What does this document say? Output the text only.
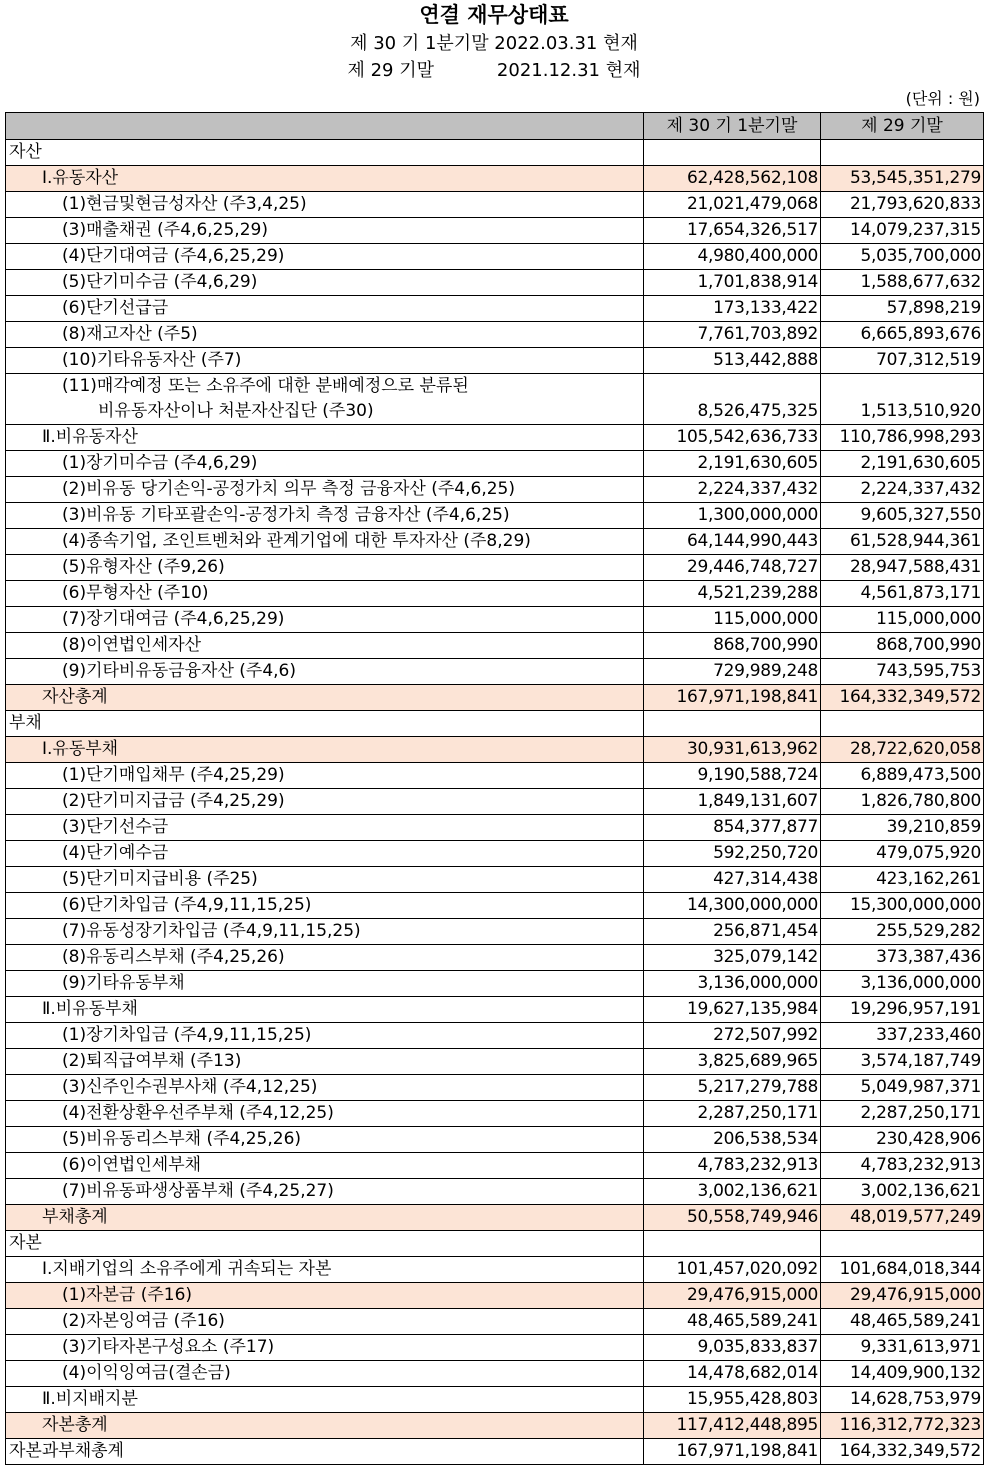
연결 재무상태표
제 30 기 1분기말 2022.03.31 현재
제 29 기말           2021.12.31 현재
(단위 : 원)
	제 30 기 1분기말	제 29 기말
자산		
Ⅰ.유동자산	62,428,562,108	53,545,351,279
(1)현금및현금성자산 (주3,4,25)	21,021,479,068	21,793,620,833
(3)매출채권 (주4,6,25,29)	17,654,326,517	14,079,237,315
(4)단기대여금 (주4,6,25,29)	4,980,400,000	5,035,700,000
(5)단기미수금 (주4,6,29)	1,701,838,914	1,588,677,632
(6)단기선급금	173,133,422	57,898,219
(8)재고자산 (주5)	7,761,703,892	6,665,893,676
(10)기타유동자산 (주7)	513,442,888	707,312,519

(11)매각예정 또는 소유주에 대한 분배예정으로 분류된
비유동자산이나 처분자산집단 (주30)	8,526,475,325	1,513,510,920
Ⅱ.비유동자산	105,542,636,733	110,786,998,293
(1)장기미수금 (주4,6,29)	2,191,630,605	2,191,630,605
(2)비유동 당기손익-공정가치 의무 측정 금융자산 (주4,6,25)	2,224,337,432	2,224,337,432
(3)비유동 기타포괄손익-공정가치 측정 금융자산 (주4,6,25)	1,300,000,000	9,605,327,550
(4)종속기업, 조인트벤처와 관계기업에 대한 투자자산 (주8,29)	64,144,990,443	61,528,944,361
(5)유형자산 (주9,26)	29,446,748,727	28,947,588,431
(6)무형자산 (주10)	4,521,239,288	4,561,873,171
(7)장기대여금 (주4,6,25,29)	115,000,000	115,000,000
(8)이연법인세자산	868,700,990	868,700,990
(9)기타비유동금융자산 (주4,6)	729,989,248	743,595,753
자산총계	167,971,198,841	164,332,349,572
부채		
Ⅰ.유동부채	30,931,613,962	28,722,620,058
(1)단기매입채무 (주4,25,29)	9,190,588,724	6,889,473,500
(2)단기미지급금 (주4,25,29)	1,849,131,607	1,826,780,800
(3)단기선수금	854,377,877	39,210,859
(4)단기예수금	592,250,720	479,075,920
(5)단기미지급비용 (주25)	427,314,438	423,162,261
(6)단기차입금 (주4,9,11,15,25)	14,300,000,000	15,300,000,000
(7)유동성장기차입금 (주4,9,11,15,25)	256,871,454	255,529,282
(8)유동리스부채 (주4,25,26)	325,079,142	373,387,436
(9)기타유동부채	3,136,000,000	3,136,000,000
Ⅱ.비유동부채	19,627,135,984	19,296,957,191
(1)장기차입금 (주4,9,11,15,25)	272,507,992	337,233,460
(2)퇴직급여부채 (주13)	3,825,689,965	3,574,187,749
(3)신주인수권부사채 (주4,12,25)	5,217,279,788	5,049,987,371
(4)전환상환우선주부채 (주4,12,25)	2,287,250,171	2,287,250,171
(5)비유동리스부채 (주4,25,26)	206,538,534	230,428,906
(6)이연법인세부채	4,783,232,913	4,783,232,913
(7)비유동파생상품부채 (주4,25,27)	3,002,136,621	3,002,136,621
부채총계	50,558,749,946	48,019,577,249
자본		
Ⅰ.지배기업의 소유주에게 귀속되는 자본	101,457,020,092	101,684,018,344
(1)자본금 (주16)	29,476,915,000	29,476,915,000
(2)자본잉여금 (주16)	48,465,589,241	48,465,589,241
(3)기타자본구성요소 (주17)	9,035,833,837	9,331,613,971
(4)이익잉여금(결손금)	14,478,682,014	14,409,900,132
Ⅱ.비지배지분	15,955,428,803	14,628,753,979
자본총계	117,412,448,895	116,312,772,323
자본과부채총계	167,971,198,841	164,332,349,572
